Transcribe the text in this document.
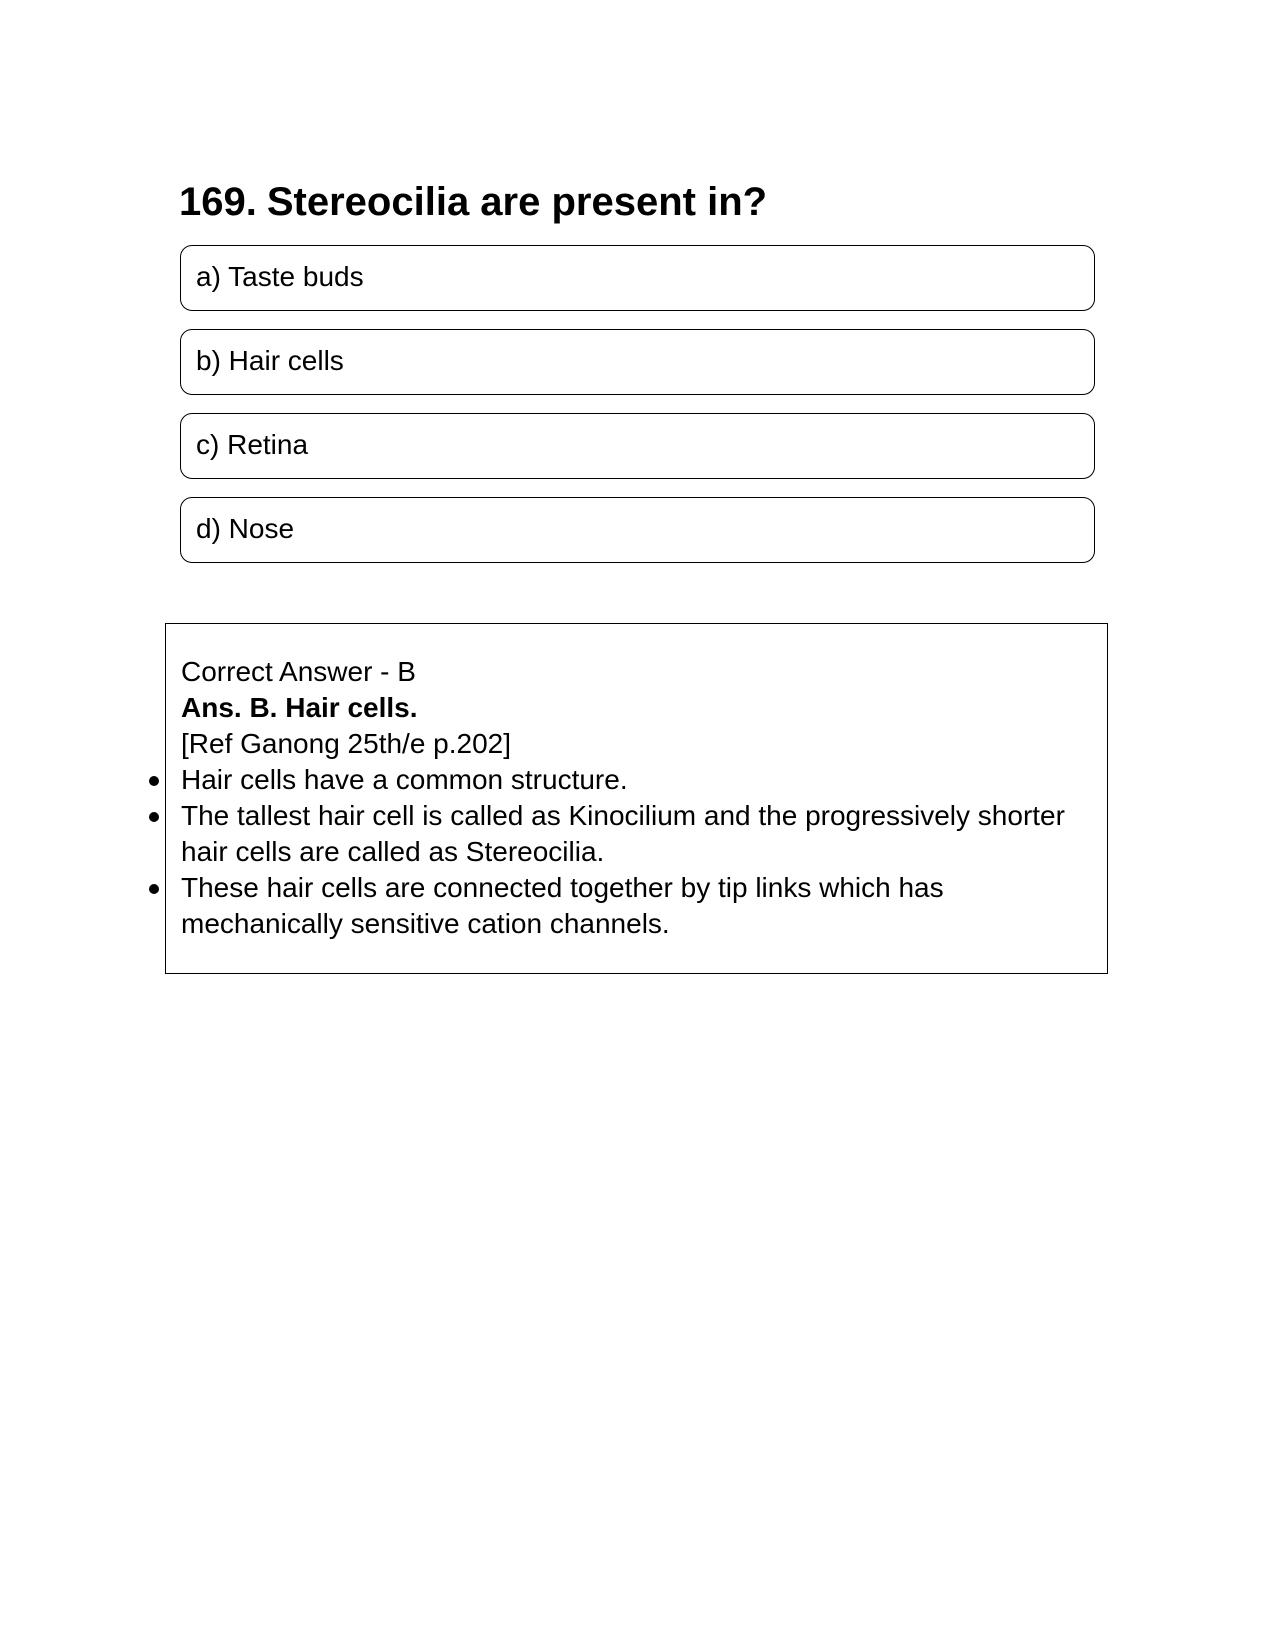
169. Stereocilia are present in?
a) Taste buds
b) Hair cells
c) Retina
d) Nose

Correct Answer - B

Ans. B. Hair cells.

[Ref Ganong 25th/e p.202]

Hair cells have a common structure.
The tallest hair cell is called as Kinocilium and the progressively shorter hair cells are called as Stereocilia.
These hair cells are connected together by tip links which has mechanically sensitive cation channels.
